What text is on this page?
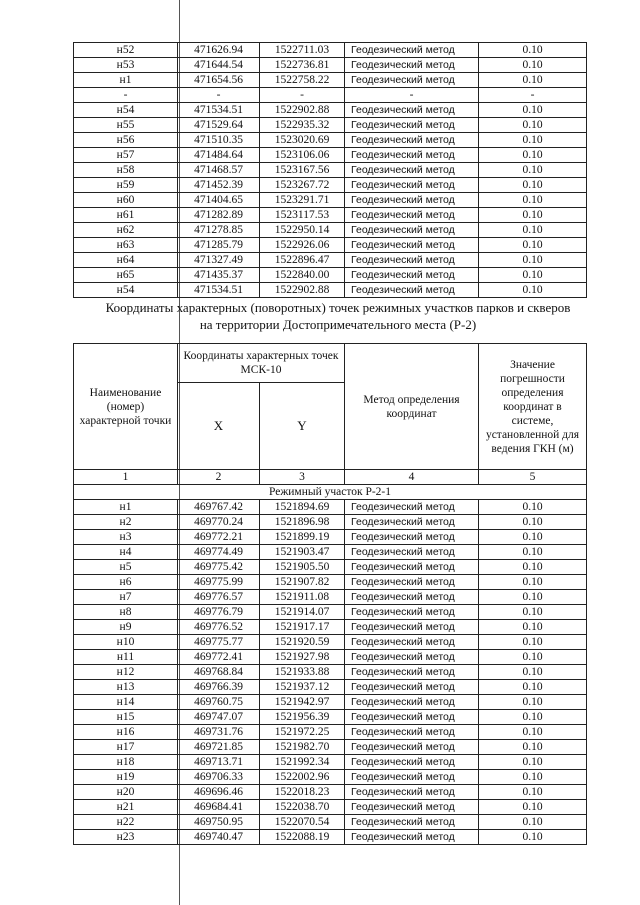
н52	471626.94	1522711.03	Геодезический метод	0.10
н53	471644.54	1522736.81	Геодезический метод	0.10
н1	471654.56	1522758.22	Геодезический метод	0.10
-	-	-	-	-
н54	471534.51	1522902.88	Геодезический метод	0.10
н55	471529.64	1522935.32	Геодезический метод	0.10
н56	471510.35	1523020.69	Геодезический метод	0.10
н57	471484.64	1523106.06	Геодезический метод	0.10
н58	471468.57	1523167.56	Геодезический метод	0.10
н59	471452.39	1523267.72	Геодезический метод	0.10
н60	471404.65	1523291.71	Геодезический метод	0.10
н61	471282.89	1523117.53	Геодезический метод	0.10
н62	471278.85	1522950.14	Геодезический метод	0.10
н63	471285.79	1522926.06	Геодезический метод	0.10
н64	471327.49	1522896.47	Геодезический метод	0.10
н65	471435.37	1522840.00	Геодезический метод	0.10
н54	471534.51	1522902.88	Геодезический метод	0.10
Координаты характерных (поворотных) точек режимных участков парков и скверов
на территории Достопримечательного места (Р-2)
Наименование (номер) характерной точки	Координаты характерных точек МСК-10		Метод определения координат	Значение погрешности определения координат в системе, установленной для ведения ГКН (м)
	X	Y		
1	2	3	4	5
Режимный участок Р-2-1				
н1	469767.42	1521894.69	Геодезический метод	0.10
н2	469770.24	1521896.98	Геодезический метод	0.10
н3	469772.21	1521899.19	Геодезический метод	0.10
н4	469774.49	1521903.47	Геодезический метод	0.10
н5	469775.42	1521905.50	Геодезический метод	0.10
н6	469775.99	1521907.82	Геодезический метод	0.10
н7	469776.57	1521911.08	Геодезический метод	0.10
н8	469776.79	1521914.07	Геодезический метод	0.10
н9	469776.52	1521917.17	Геодезический метод	0.10
н10	469775.77	1521920.59	Геодезический метод	0.10
н11	469772.41	1521927.98	Геодезический метод	0.10
н12	469768.84	1521933.88	Геодезический метод	0.10
н13	469766.39	1521937.12	Геодезический метод	0.10
н14	469760.75	1521942.97	Геодезический метод	0.10
н15	469747.07	1521956.39	Геодезический метод	0.10
н16	469731.76	1521972.25	Геодезический метод	0.10
н17	469721.85	1521982.70	Геодезический метод	0.10
н18	469713.71	1521992.34	Геодезический метод	0.10
н19	469706.33	1522002.96	Геодезический метод	0.10
н20	469696.46	1522018.23	Геодезический метод	0.10
н21	469684.41	1522038.70	Геодезический метод	0.10
н22	469750.95	1522070.54	Геодезический метод	0.10
н23	469740.47	1522088.19	Геодезический метод	0.10
